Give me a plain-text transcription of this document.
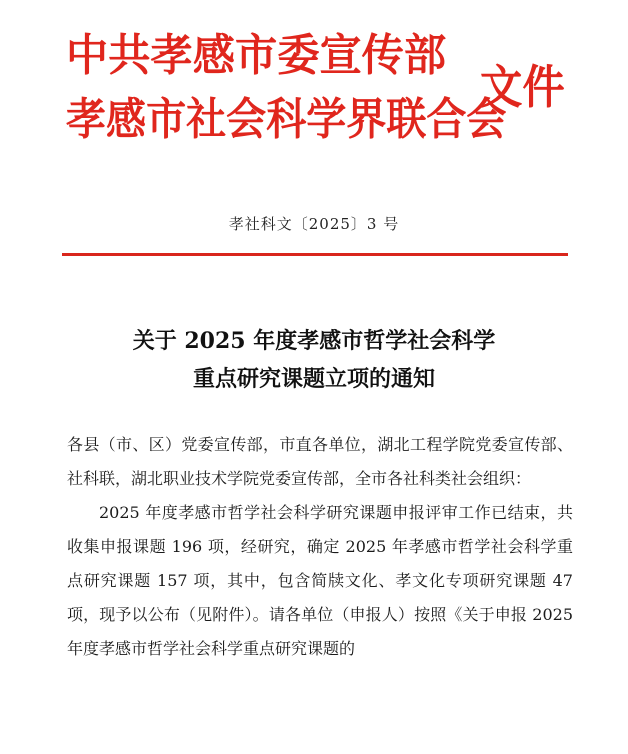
中共孝感市委宣传部
孝感市社会科学界联合会
文件
孝社科文〔2025〕3 号
关于 2025 年度孝感市哲学社会科学
重点研究课题立项的通知

各县（市、区）党委宣传部，市直各单位，湖北工程学院党委宣传部、社科联，湖北职业技术学院党委宣传部，全市各社科类社会组织：

2025 年度孝感市哲学社会科学研究课题申报评审工作已结束，共收集申报课题 196 项，经研究，确定 2025 年孝感市哲学社会科学重点研究课题 157 项，其中，包含简牍文化、孝文化专项研究课题 47 项，现予以公布（见附件）。请各单位（申报人）按照《关于申报 2025 年度孝感市哲学社会科学重点研究课题的
